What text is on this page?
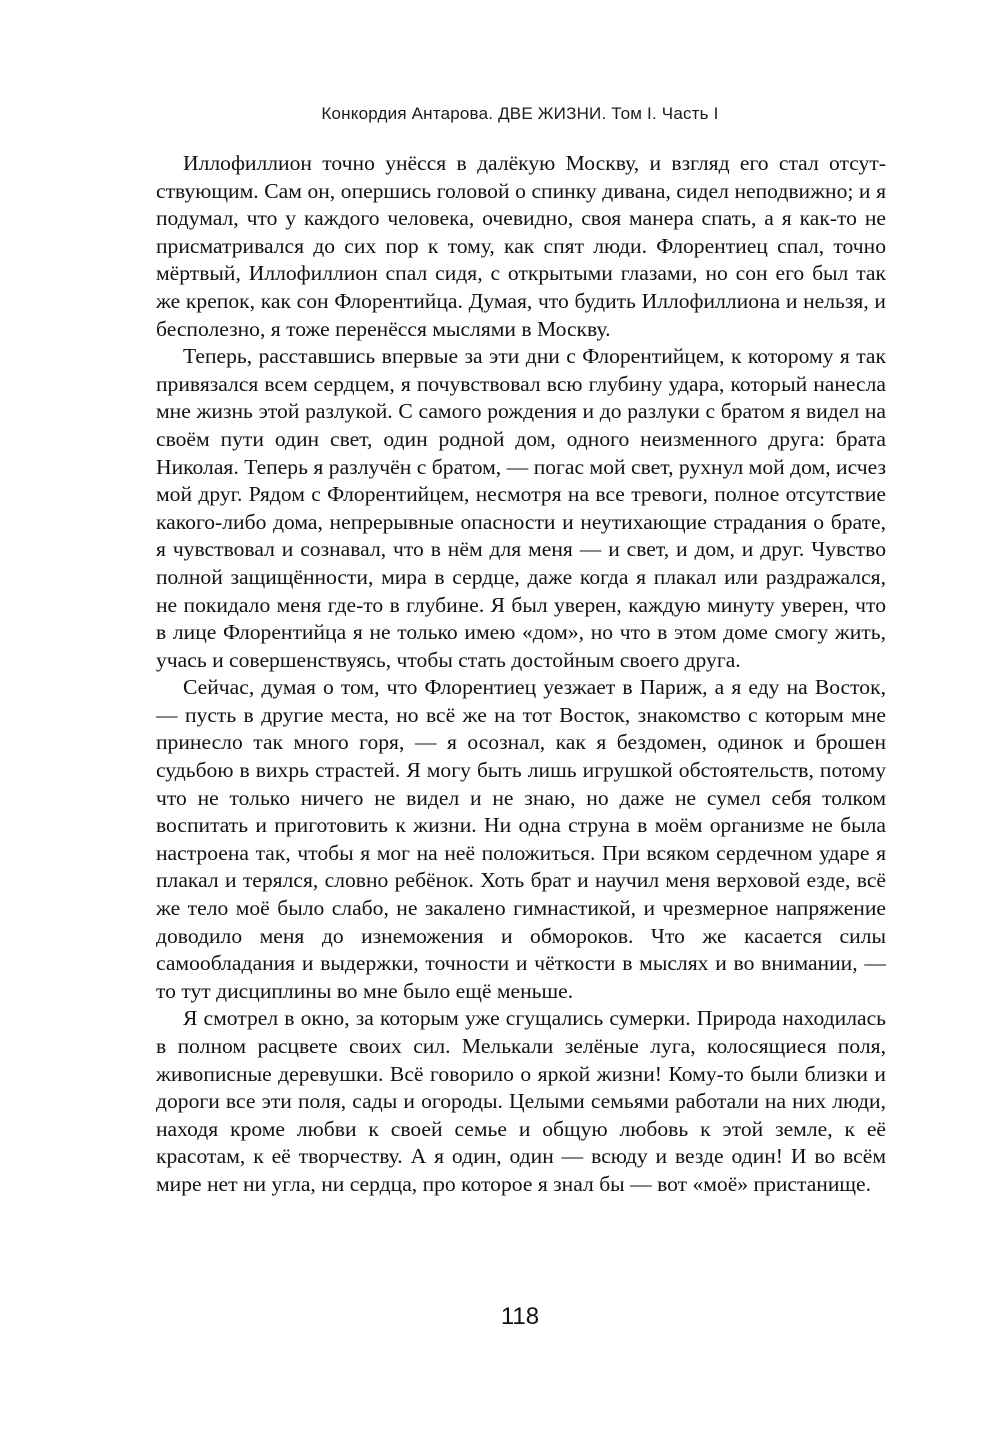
Конкордия Антарова. ДВЕ ЖИЗНИ. Том I. Часть I

Иллофиллион точно унёсся в далёкую Москву, и взгляд его стал отсутствующим. Сам он, опершись головой о спинку дивана, сидел неподвижно; и я подумал, что у каждого человека, очевидно, своя манера спать, а я как-то не присматривался до сих пор к тому, как спят люди. Флорентиец спал, точно мёртвый, Иллофиллион спал сидя, с открытыми глазами, но сон его был так же крепок, как сон Флорентийца. Думая, что будить Иллофиллиона и нельзя, и бесполезно, я тоже перенёсся мыслями в Москву.

Теперь, расставшись впервые за эти дни с Флорентийцем, к которому я так привязался всем сердцем, я почувствовал всю глубину удара, который нанесла мне жизнь этой разлукой. С самого рождения и до разлуки с братом я видел на своём пути один свет, один родной дом, одного неизменного друга: брата Николая. Теперь я разлучён с братом, — погас мой свет, рухнул мой дом, исчез мой друг. Рядом с Флорентийцем, несмотря на все тревоги, полное отсутствие какого-либо дома, непрерывные опасности и неутихающие страдания о брате, я чувствовал и сознавал, что в нём для меня — и свет, и дом, и друг. Чувство полной защищённости, мира в сердце, даже когда я плакал или раздражался, не покидало меня где-то в глубине. Я был уверен, каждую минуту уверен, что в лице Флорентийца я не только имею «дом», но что в этом доме смогу жить, учась и совершенствуясь, чтобы стать достойным своего друга.

Сейчас, думая о том, что Флорентиец уезжает в Париж, а я еду на Восток, — пусть в другие места, но всё же на тот Восток, знакомство с которым мне принесло так много горя, — я осознал, как я бездомен, одинок и брошен судьбою в вихрь страстей. Я могу быть лишь игрушкой обстоятельств, потому что не только ничего не видел и не знаю, но даже не сумел себя толком воспитать и приготовить к жизни. Ни одна струна в моём организме не была настроена так, чтобы я мог на неё положиться. При всяком сердечном ударе я плакал и терялся, словно ребёнок. Хоть брат и научил меня верховой езде, всё же тело моё было слабо, не закалено гимнастикой, и чрезмерное напряжение доводило меня до изнеможения и обмороков. Что же касается силы самообладания и выдержки, точности и чёткости в мыслях и во внимании, — то тут дисциплины во мне было ещё меньше.

Я смотрел в окно, за которым уже сгущались сумерки. Природа находилась в полном расцвете своих сил. Мелькали зелёные луга, колосящиеся поля, живописные деревушки. Всё говорило о яркой жизни! Кому-то были близки и дороги все эти поля, сады и огороды. Целыми семьями работали на них люди, находя кроме любви к своей семье и общую любовь к этой земле, к её красотам, к её творчеству. А я один, один — всюду и везде один! И во всём мире нет ни угла, ни сердца, про которое я знал бы — вот «моё» пристанище.

118
